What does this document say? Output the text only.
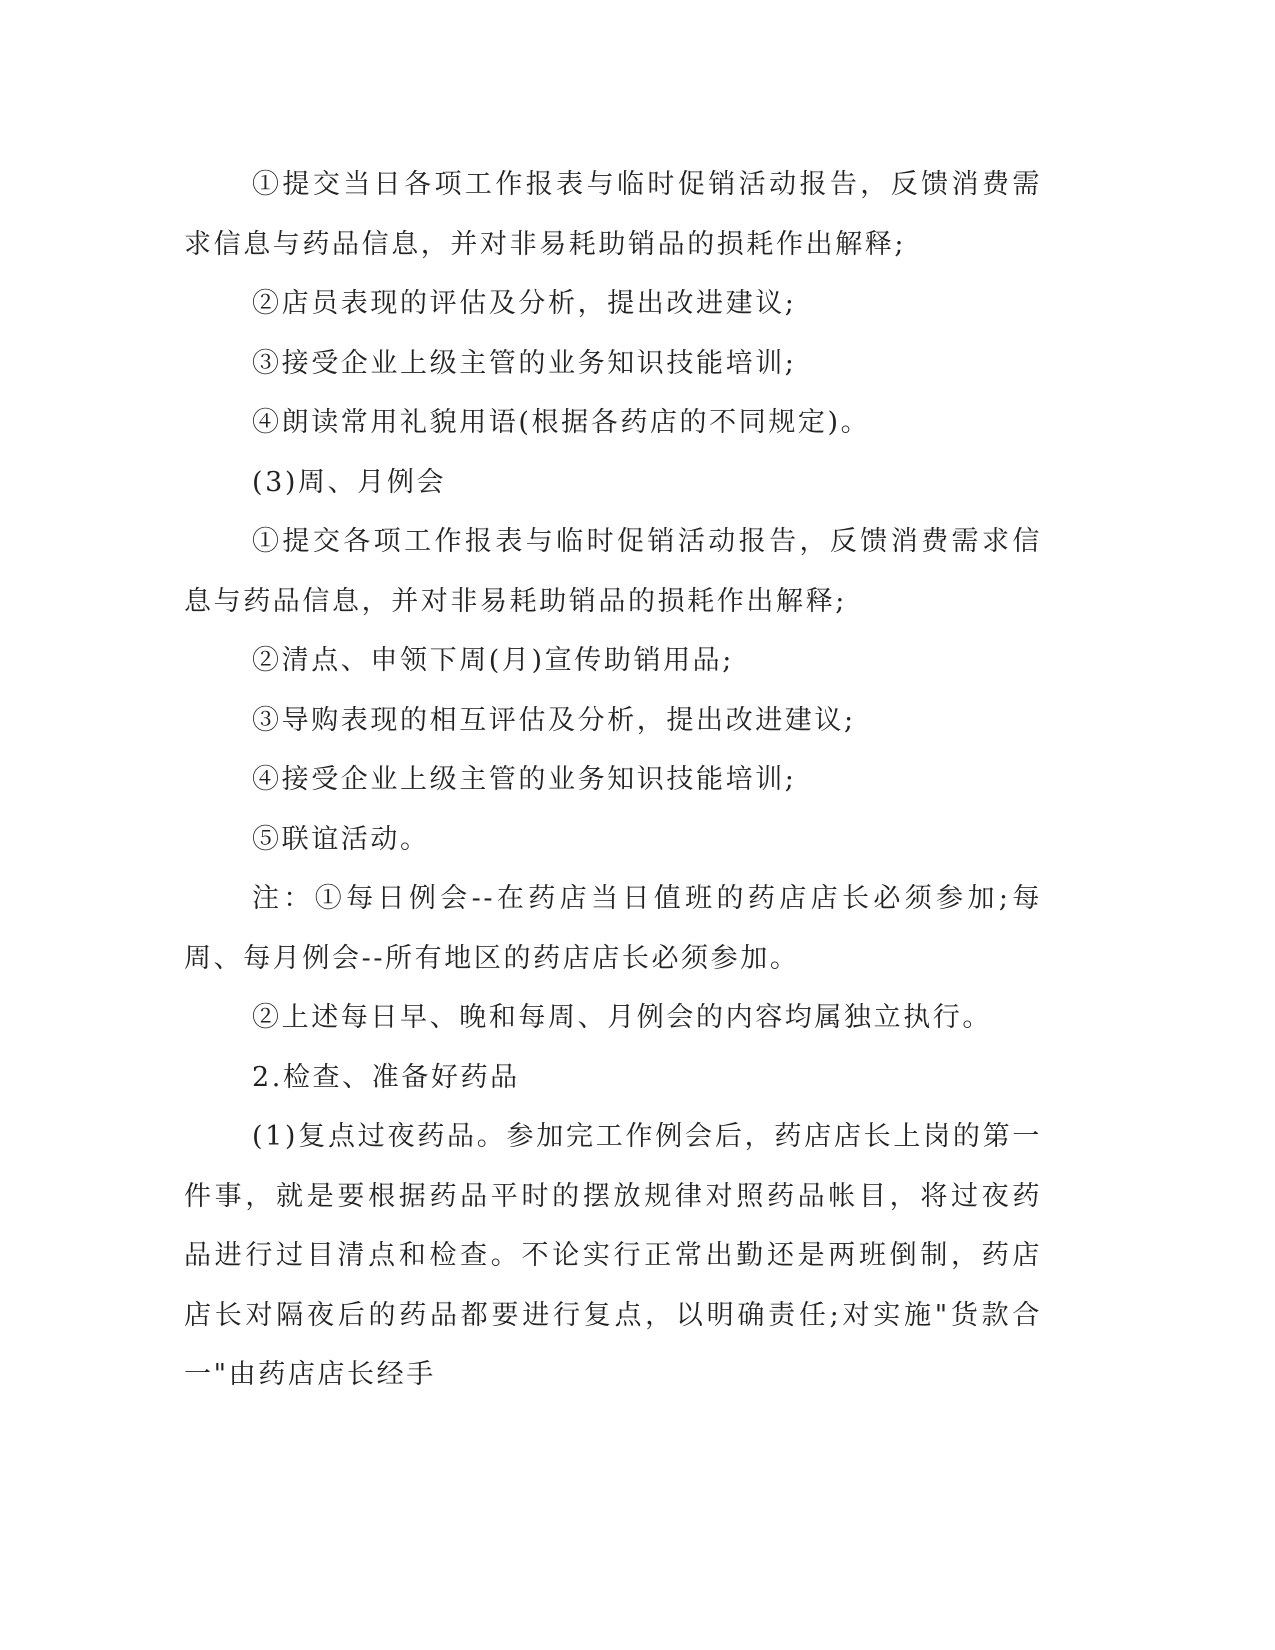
①提交当日各项工作报表与临时促销活动报告，反馈消费需求信息与药品信息，并对非易耗助销品的损耗作出解释;

②店员表现的评估及分析，提出改进建议;

③接受企业上级主管的业务知识技能培训;

④朗读常用礼貌用语(根据各药店的不同规定)。

(3)周、月例会

①提交各项工作报表与临时促销活动报告，反馈消费需求信息与药品信息，并对非易耗助销品的损耗作出解释;

②清点、申领下周(月)宣传助销用品;

③导购表现的相互评估及分析，提出改进建议;

④接受企业上级主管的业务知识技能培训;

⑤联谊活动。

注：①每日例会--在药店当日值班的药店店长必须参加;每周、每月例会--所有地区的药店店长必须参加。

②上述每日早、晚和每周、月例会的内容均属独立执行。

2.检查、准备好药品

(1)复点过夜药品。参加完工作例会后，药店店长上岗的第一件事，就是要根据药品平时的摆放规律对照药品帐目，将过夜药品进行过目清点和检查。不论实行正常出勤还是两班倒制，药店店长对隔夜后的药品都要进行复点，以明确责任;对实施"货款合一"由药店店长经手
